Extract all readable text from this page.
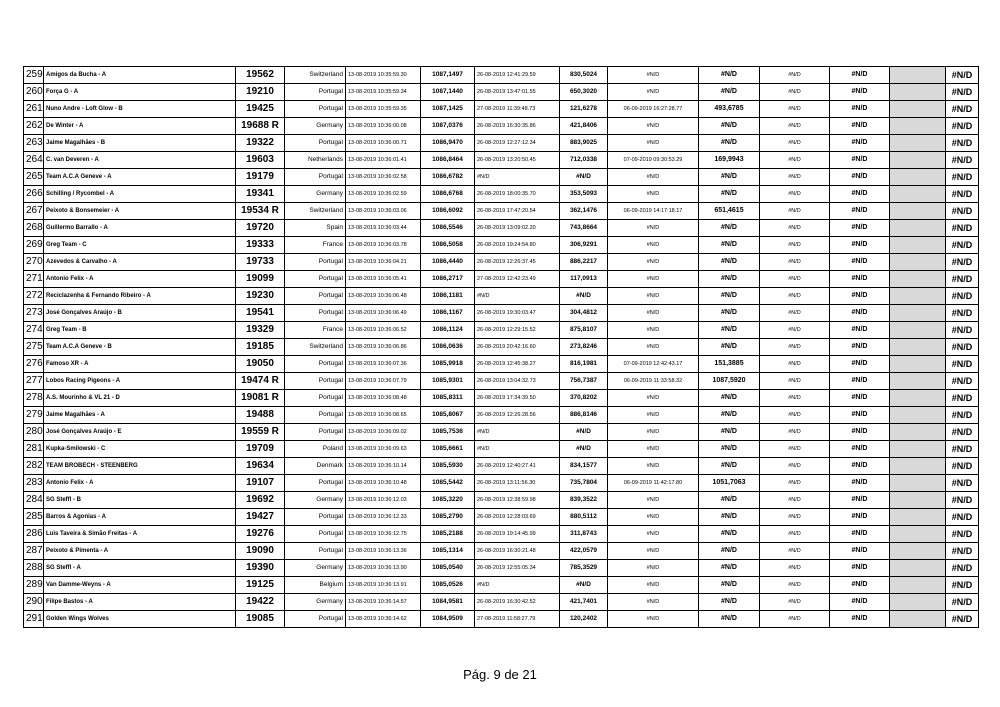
259	Amigos da Bucha - A	19562	Switzerland	13-08-2019 10:35:59.30	1087,1497	26-08-2019 12:41:29.59	830,5024	#N/D	#N/D	#N/D	#N/D		#N/D
260	Força G - A	19210	Portugal	13-08-2019 10:35:59.34	1087,1440	26-08-2019 13:47:01.55	650,3020	#N/D	#N/D	#N/D	#N/D		#N/D
261	Nuno Andre - Loft Glow - B	19425	Portugal	13-08-2019 10:35:59.35	1087,1425	27-08-2019 11:39:48.73	121,6278	06-09-2019 16:27:28.77	493,6785	#N/D	#N/D		#N/D
262	De Winter - A	19688 R	Germany	13-08-2019 10:36:00.08	1087,0376	26-08-2019 16:30:35.86	421,8406	#N/D	#N/D	#N/D	#N/D		#N/D
263	Jaime Magalhães - B	19322	Portugal	13-08-2019 10:36:00.71	1086,9470	26-08-2019 12:27:12.34	883,9025	#N/D	#N/D	#N/D	#N/D		#N/D
264	C. van Deveren - A	19603	Netherlands	13-08-2019 10:36:01.41	1086,8464	26-08-2019 13:20:50.45	712,0338	07-09-2019 09:30:53.29	169,9943	#N/D	#N/D		#N/D
265	Team A.C.A Geneve - A	19179	Portugal	13-08-2019 10:36:02.58	1086,6782	#N/D	#N/D	#N/D	#N/D	#N/D	#N/D		#N/D
266	Schilling / Rycombel - A	19341	Germany	13-08-2019 10:36:02.59	1086,6768	26-08-2019 18:00:35.70	353,5093	#N/D	#N/D	#N/D	#N/D		#N/D
267	Peixoto & Bonsemeier - A	19534 R	Switzerland	13-08-2019 10:36:03.06	1086,6092	26-08-2019 17:47:20.54	362,1476	06-09-2019 14:17:18.17	651,4615	#N/D	#N/D		#N/D
268	Guillermo Barrallo - A	19720	Spain	13-08-2019 10:36:03.44	1086,5546	26-08-2019 13:09:02.20	743,8664	#N/D	#N/D	#N/D	#N/D		#N/D
269	Greg Team - C	19333	France	13-08-2019 10:36:03.78	1086,5058	26-08-2019 19:24:54.80	306,9291	#N/D	#N/D	#N/D	#N/D		#N/D
270	Azevedos & Carvalho - A	19733	Portugal	13-08-2019 10:36:04.21	1086,4440	26-08-2019 12:26:37.45	886,2217	#N/D	#N/D	#N/D	#N/D		#N/D
271	Antonio Felix - A	19099	Portugal	13-08-2019 10:36:05.41	1086,2717	27-08-2019 12:42:23.49	117,0913	#N/D	#N/D	#N/D	#N/D		#N/D
272	Reciclazenha & Fernando Ribeiro - A	19230	Portugal	13-08-2019 10:36:06.48	1086,1181	#N/D	#N/D	#N/D	#N/D	#N/D	#N/D		#N/D
273	José Gonçalves Araújo - B	19541	Portugal	13-08-2019 10:36:06.49	1086,1167	26-08-2019 19:30:03.47	304,4812	#N/D	#N/D	#N/D	#N/D		#N/D
274	Greg Team - B	19329	France	13-08-2019 10:36:06.52	1086,1124	26-08-2019 12:29:15.52	875,8107	#N/D	#N/D	#N/D	#N/D		#N/D
275	Team A.C.A Geneve - B	19185	Switzerland	13-08-2019 10:36:06.86	1086,0636	26-08-2019 20:42:16.60	273,8246	#N/D	#N/D	#N/D	#N/D		#N/D
276	Famoso XR - A	19050	Portugal	13-08-2019 10:36:07.36	1085,9918	26-08-2019 12:45:38.27	816,1981	07-09-2019 12:42:43.17	151,3885	#N/D	#N/D		#N/D
277	Lobos Racing Pigeons - A	19474 R	Portugal	13-08-2019 10:36:07.79	1085,9301	26-08-2019 13:04:32.73	756,7387	06-09-2019 11:33:58.32	1087,5920	#N/D	#N/D		#N/D
278	A.S. Mourinho & VL 21 - D	19081 R	Portugal	13-08-2019 10:36:08.48	1085,8311	26-08-2019 17:34:39.50	370,8202	#N/D	#N/D	#N/D	#N/D		#N/D
279	Jaime Magalhães - A	19488	Portugal	13-08-2019 10:36:08.65	1085,8067	26-08-2019 12:26:28.56	886,8146	#N/D	#N/D	#N/D	#N/D		#N/D
280	José Gonçalves Araújo - E	19559 R	Portugal	13-08-2019 10:36:09.02	1085,7536	#N/D	#N/D	#N/D	#N/D	#N/D	#N/D		#N/D
281	Kupka-Smilowski - C	19709	Poland	13-08-2019 10:36:09.63	1085,6661	#N/D	#N/D	#N/D	#N/D	#N/D	#N/D		#N/D
282	TEAM BROBECH - STEENBERG	19634	Denmark	13-08-2019 10:36:10.14	1085,5930	26-08-2019 12:40:27.41	834,1577	#N/D	#N/D	#N/D	#N/D		#N/D
283	Antonio Felix - A	19107	Portugal	13-08-2019 10:36:10.48	1085,5442	26-08-2019 13:11:56.30	735,7804	06-09-2019 11:42:17.80	1051,7063	#N/D	#N/D		#N/D
284	SG Steffl - B	19692	Germany	13-08-2019 10:36:12.03	1085,3220	26-08-2019 12:38:59.98	839,3522	#N/D	#N/D	#N/D	#N/D		#N/D
285	Barros & Agonias - A	19427	Portugal	13-08-2019 10:36:12.33	1085,2790	26-08-2019 12:28:03.69	880,5112	#N/D	#N/D	#N/D	#N/D		#N/D
286	Luis Taveira & Simão Freitas - A	19276	Portugal	13-08-2019 10:36:12.75	1085,2188	26-08-2019 19:14:45.99	311,8743	#N/D	#N/D	#N/D	#N/D		#N/D
287	Peixoto & Pimenta - A	19090	Portugal	13-08-2019 10:36:13.36	1085,1314	26-08-2019 16:30:21.48	422,0579	#N/D	#N/D	#N/D	#N/D		#N/D
288	SG Steffl - A	19390	Germany	13-08-2019 10:36:13.90	1085,0540	26-08-2019 12:55:05.34	785,3529	#N/D	#N/D	#N/D	#N/D		#N/D
289	Van Damme-Weyns - A	19125	Belgium	13-08-2019 10:36:13.91	1085,0526	#N/D	#N/D	#N/D	#N/D	#N/D	#N/D		#N/D
290	Filipe Bastos - A	19422	Germany	13-08-2019 10:36:14.57	1084,9581	26-08-2019 16:30:42.52	421,7401	#N/D	#N/D	#N/D	#N/D		#N/D
291	Golden Wings Wolves	19085	Portugal	13-08-2019 10:36:14.62	1084,9509	27-08-2019 11:58:27.79	120,2402	#N/D	#N/D	#N/D	#N/D		#N/D
Pág. 9 de 21
